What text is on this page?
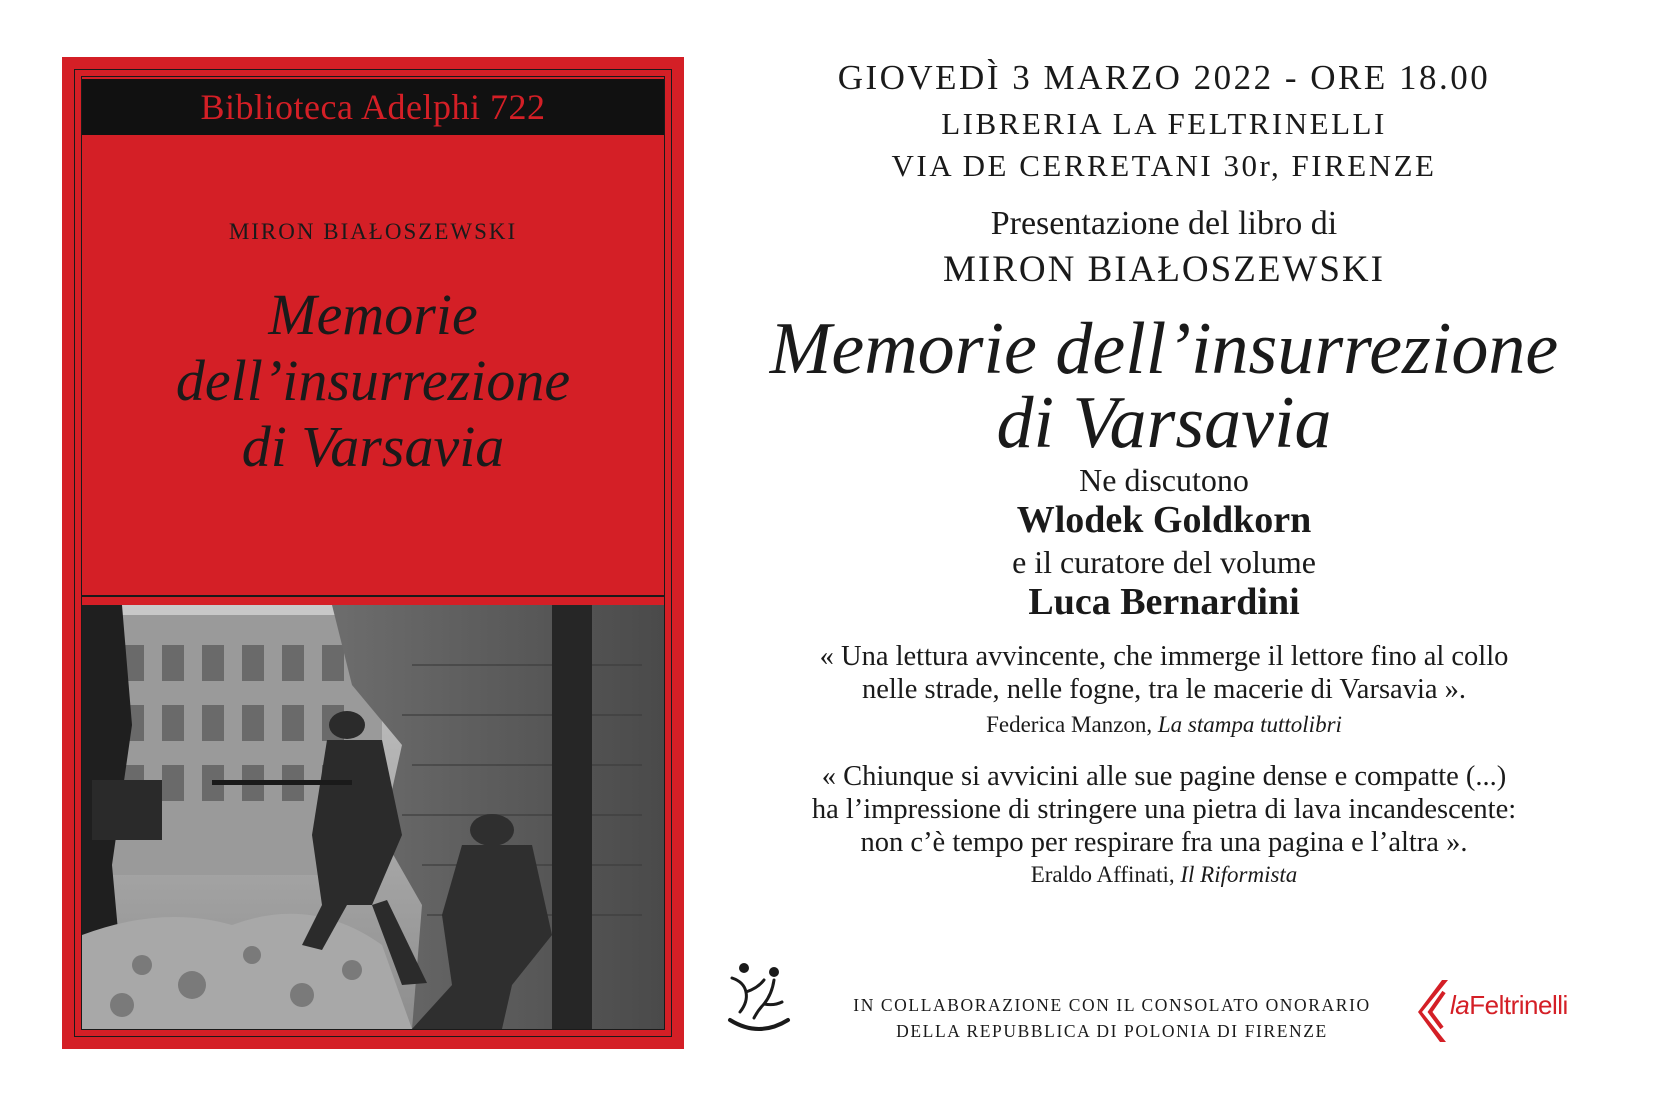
Biblioteca Adelphi 722
MIRON BIAŁOSZEWSKI
Memorie
dell’insurrezione
di Varsavia
GIOVEDÌ 3 MARZO 2022 - ORE 18.00
LIBRERIA LA FELTRINELLI
VIA DE CERRETANI 30r, FIRENZE
Presentazione del libro di
MIRON BIAŁOSZEWSKI
Memorie dell’insurrezione
di Varsavia
Ne discutono
Wlodek Goldkorn
e il curatore del volume
Luca Bernardini
« Una lettura avvincente, che immerge il lettore fino al collo
nelle strade, nelle fogne, tra le macerie di Varsavia ».
Federica Manzon, La stampa tuttolibri
« Chiunque si avvicini alle sue pagine dense e compatte (...)
ha l’impressione di stringere una pietra di lava incandescente:
non c’è tempo per respirare fra una pagina e l’altra ».
Eraldo Affinati, Il Riformista
IN COLLABORAZIONE CON IL CONSOLATO ONORARIO
DELLA REPUBBLICA DI POLONIA DI FIRENZE
laFeltrinelli
